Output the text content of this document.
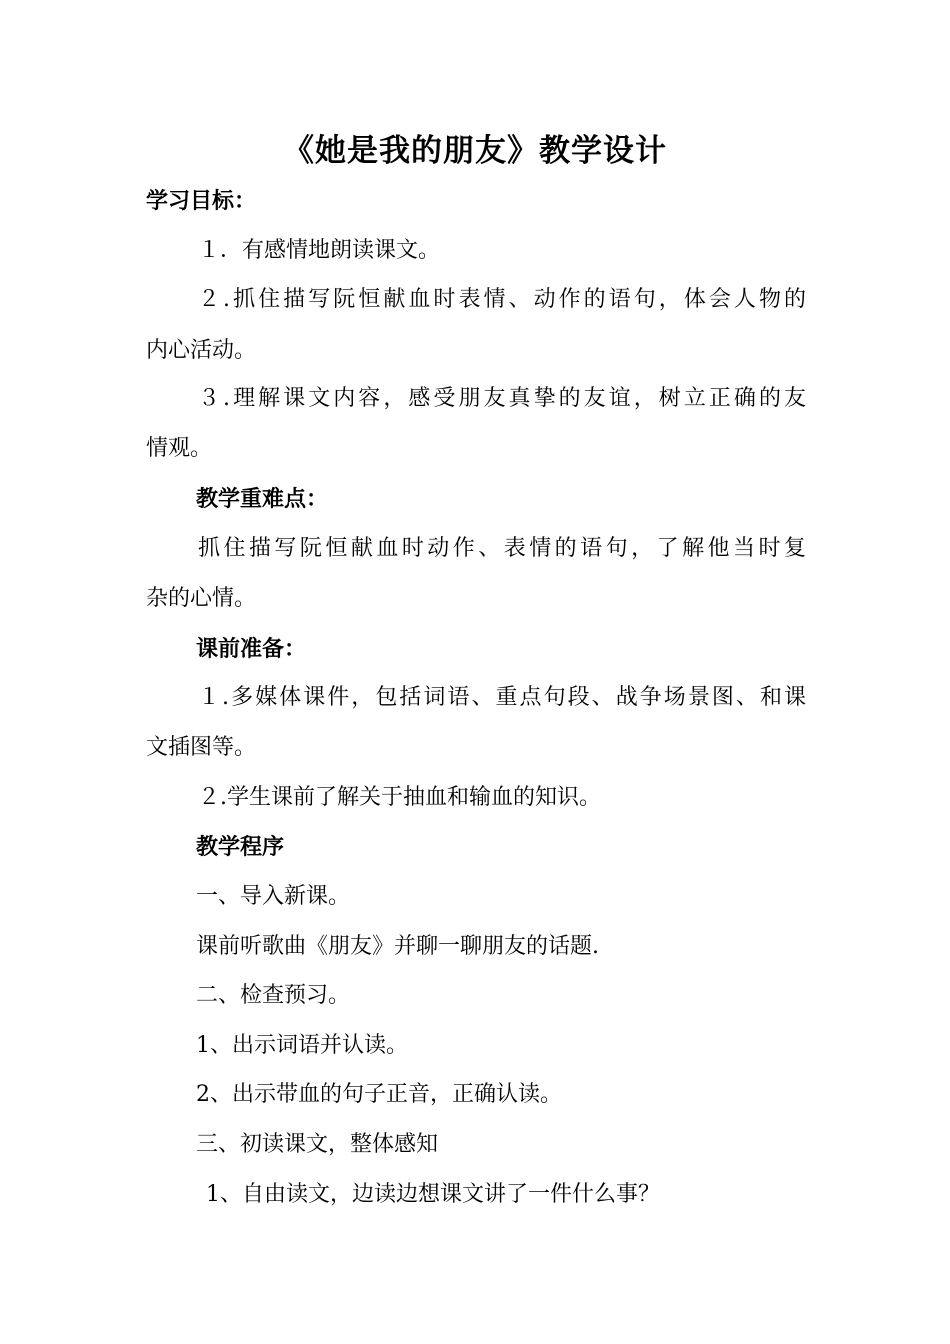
《她是我的朋友》教学设计
学习目标：
１．有感情地朗读课文。
２.抓住描写阮恒献血时表情、动作的语句，体会人物的
内心活动。
３.理解课文内容，感受朋友真挚的友谊，树立正确的友
情观。
教学重难点：
抓住描写阮恒献血时动作、表情的语句，了解他当时复
杂的心情。
课前准备：
１.多媒体课件，包括词语、重点句段、战争场景图、和课
文插图等。
２.学生课前了解关于抽血和输血的知识。
教学程序
一、导入新课。
课前听歌曲《朋友》并聊一聊朋友的话题.
二、检查预习。
1、出示词语并认读。
2、出示带血的句子正音，正确认读。
三、初读课文，整体感知
1、自由读文，边读边想课文讲了一件什么事？
